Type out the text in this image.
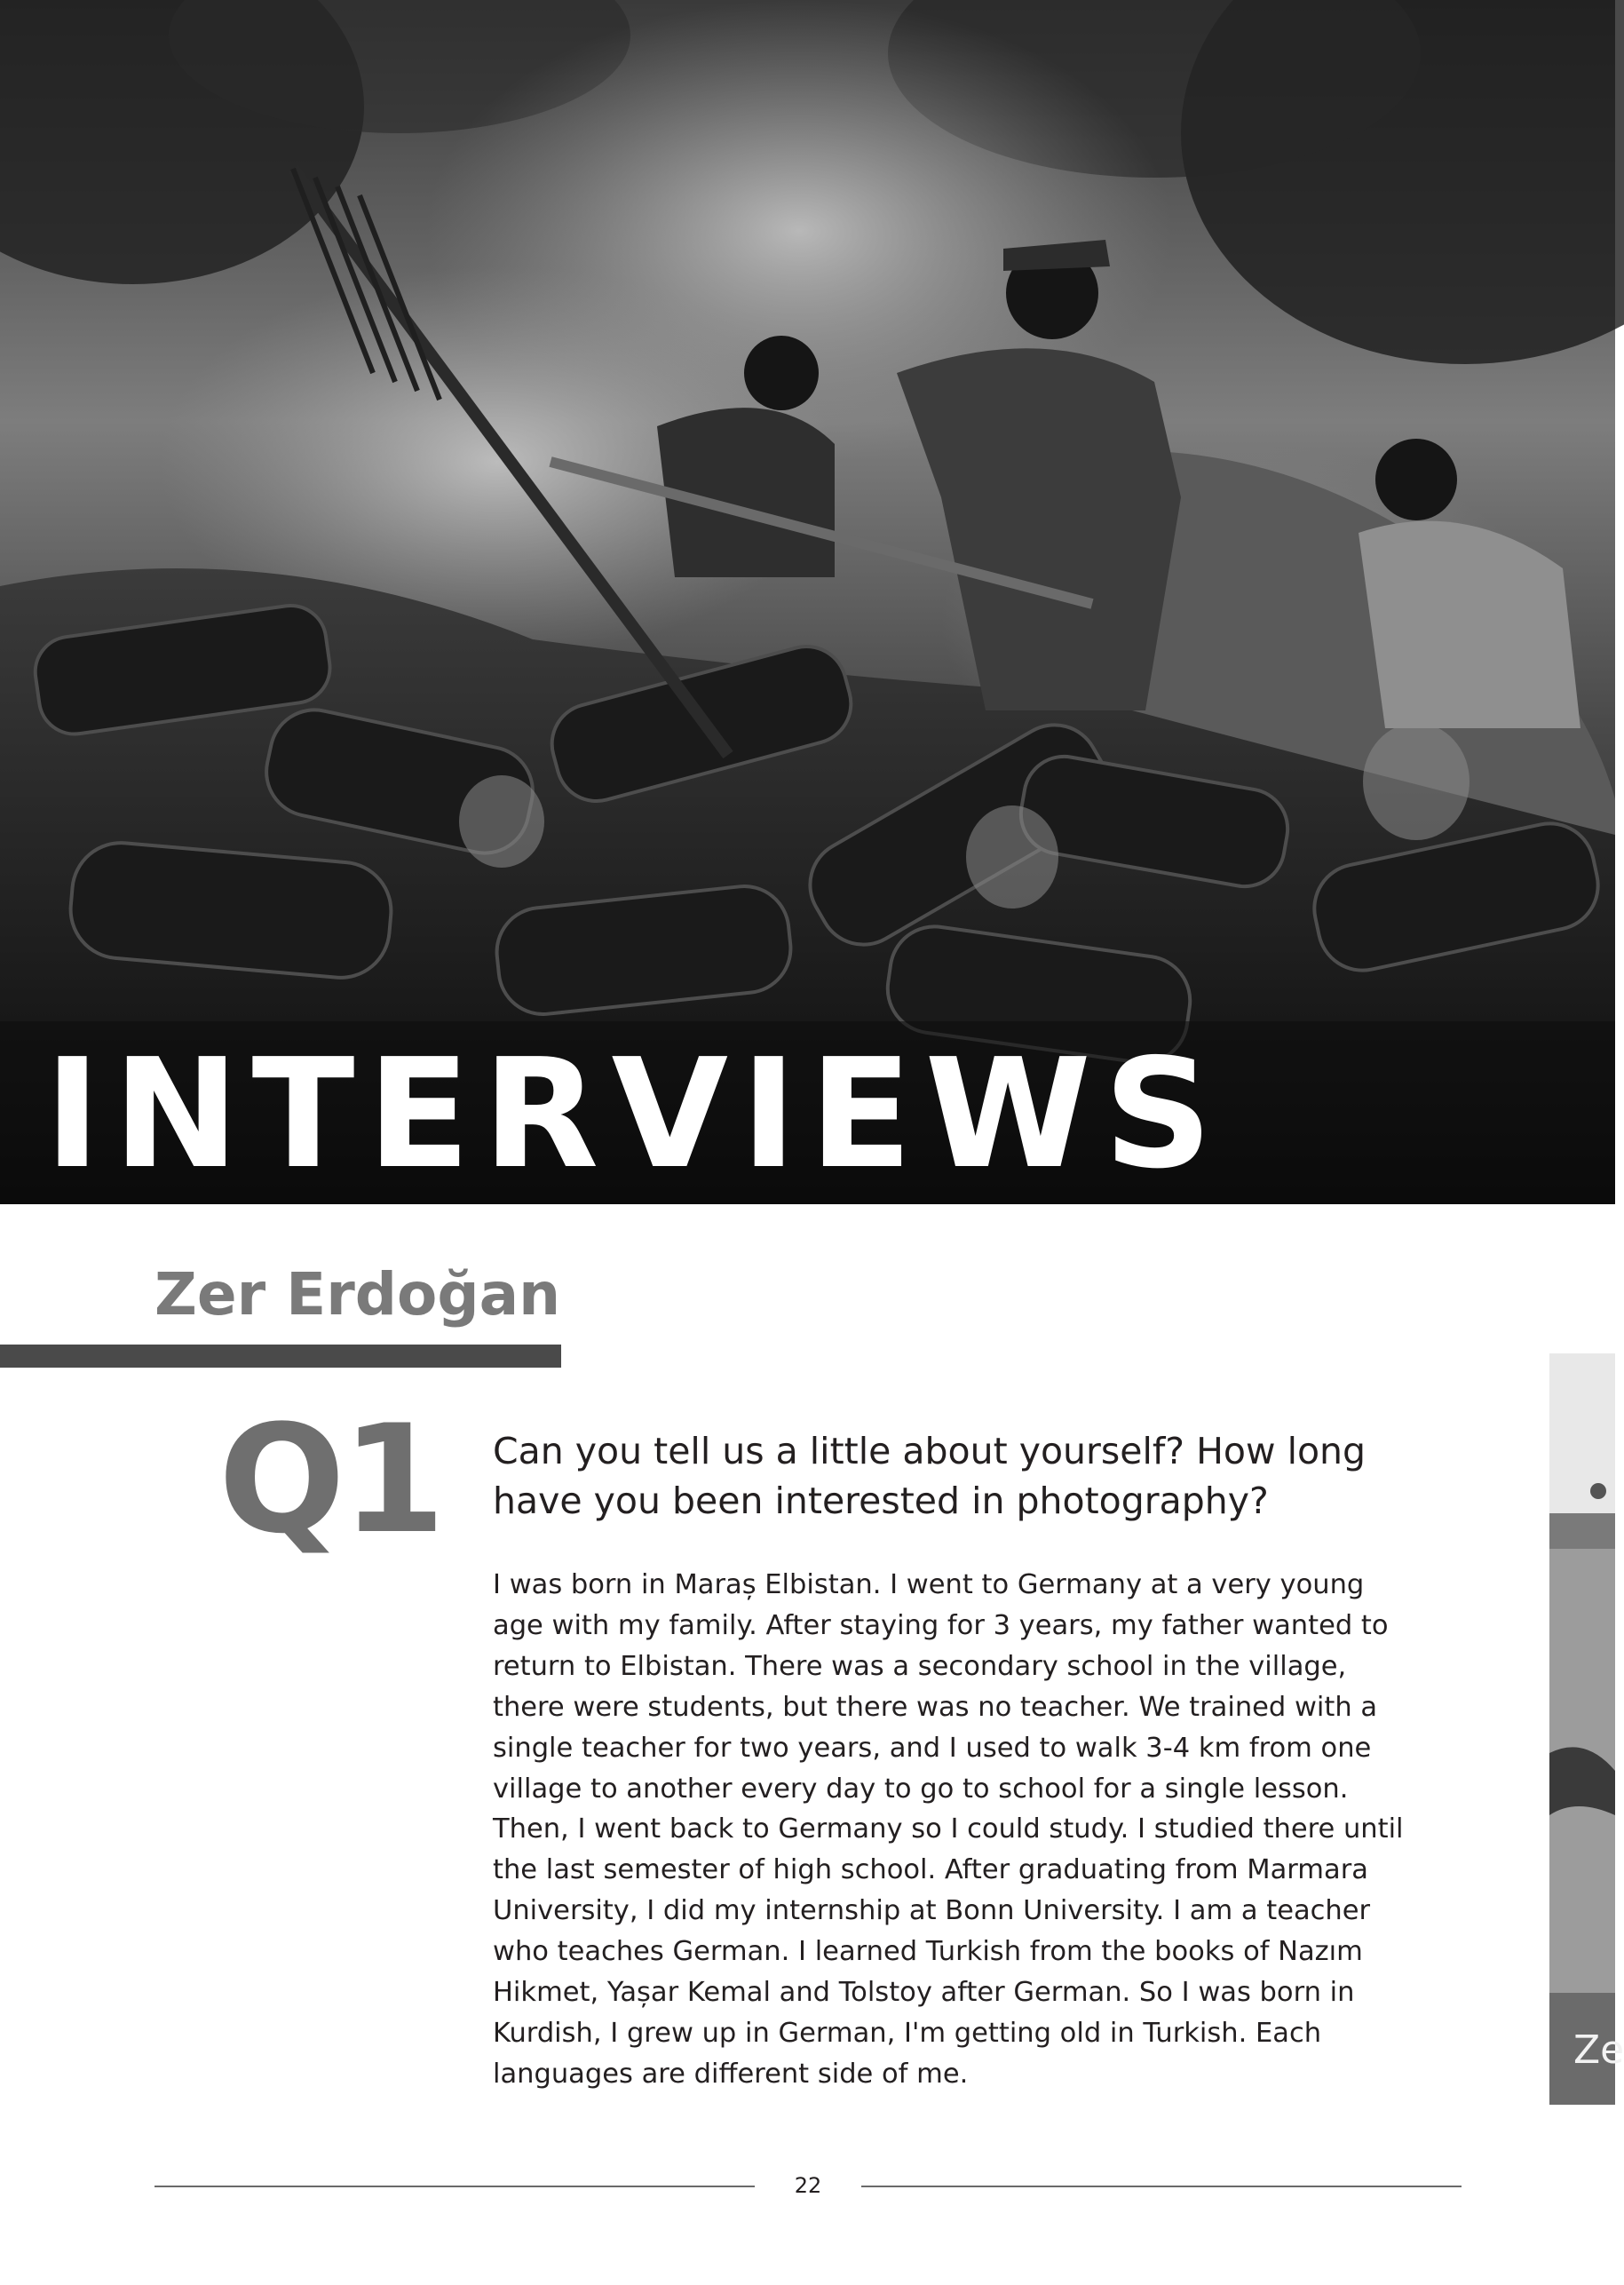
INTERVIEWS
Zer Erdoğan
Q1 Can you tell us a little about yourself? How long have you been interested in photography?

I was born in Maraș Elbistan. I went to Germany at a very young age with my family. After staying for 3 years, my father wanted to return to Elbistan. There was a secondary school in the village, there were students, but there was no teacher. We trained with a single teacher for two years, and I used to walk 3-4 km from one village to another every day to go to school for a single lesson. Then, I went back to Germany so I could study. I studied there until the last semester of high school. After graduating from Marmara University, I did my internship at Bonn University. I am a teacher who teaches German. I learned Turkish from the books of Nazım Hikmet, Yașar Kemal and Tolstoy after German. So I was born in Kurdish, I grew up in German, I'm getting old in Turkish. Each languages are different side of me.

Ze
22
